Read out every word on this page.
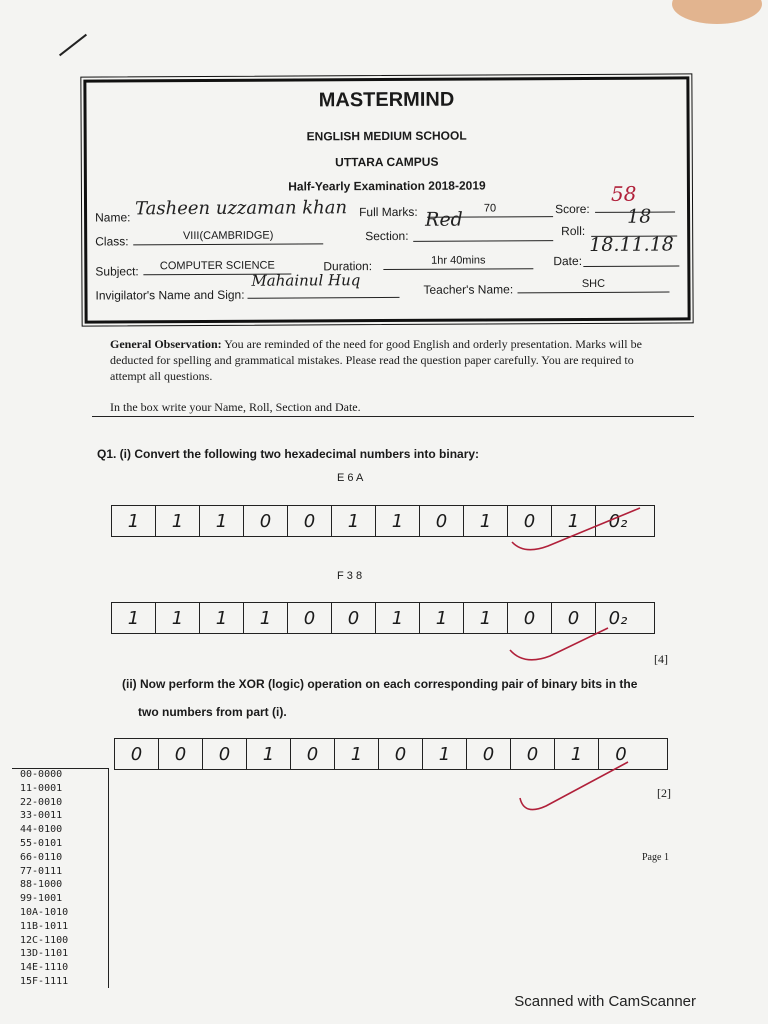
MASTERMIND
ENGLISH MEDIUM SCHOOL
UTTARA CAMPUS
Half-Yearly Examination 2018-2019
Name: Tasheen uzzaman khan Full Marks:	70	Score:
58
Class:	VIII(CAMBRIDGE)	Section:
Red
Roll:
18
Subject:	COMPUTER SCIENCE	Duration:	1hr 40mins	Date:
18.11.18
Invigilator's Name and Sign:
Mahainul Huq	Teacher's Name:	SHC
General Observation: You are reminded of the need for good English and orderly presentation. Marks will be deducted for spelling and grammatical mistakes. Please read the question paper carefully. You are required to attempt all questions.
In the box write your Name, Roll, Section and Date.
Q1. (i) Convert the following two hexadecimal numbers into binary:
E 6 A
1	1	1	0	0	1	1	0	1	0	1	0₂
F 3 8
1	1	1	1	0	0	1	1	1	0	0	0₂
[4]
(ii) Now perform the XOR (logic) operation on each corresponding pair of binary bits in the
two numbers from part (i).
0	0	0	1	0	1	0	1	0	0	1	0
[2]
Page 1
00-0000
11-0001
22-0010
33-0011
44-0100
55-0101
66-0110
77-0111
88-1000
99-1001
10A-1010
11B-1011
12C-1100
13D-1101
14E-1110
15F-1111
Scanned with CamScanner
